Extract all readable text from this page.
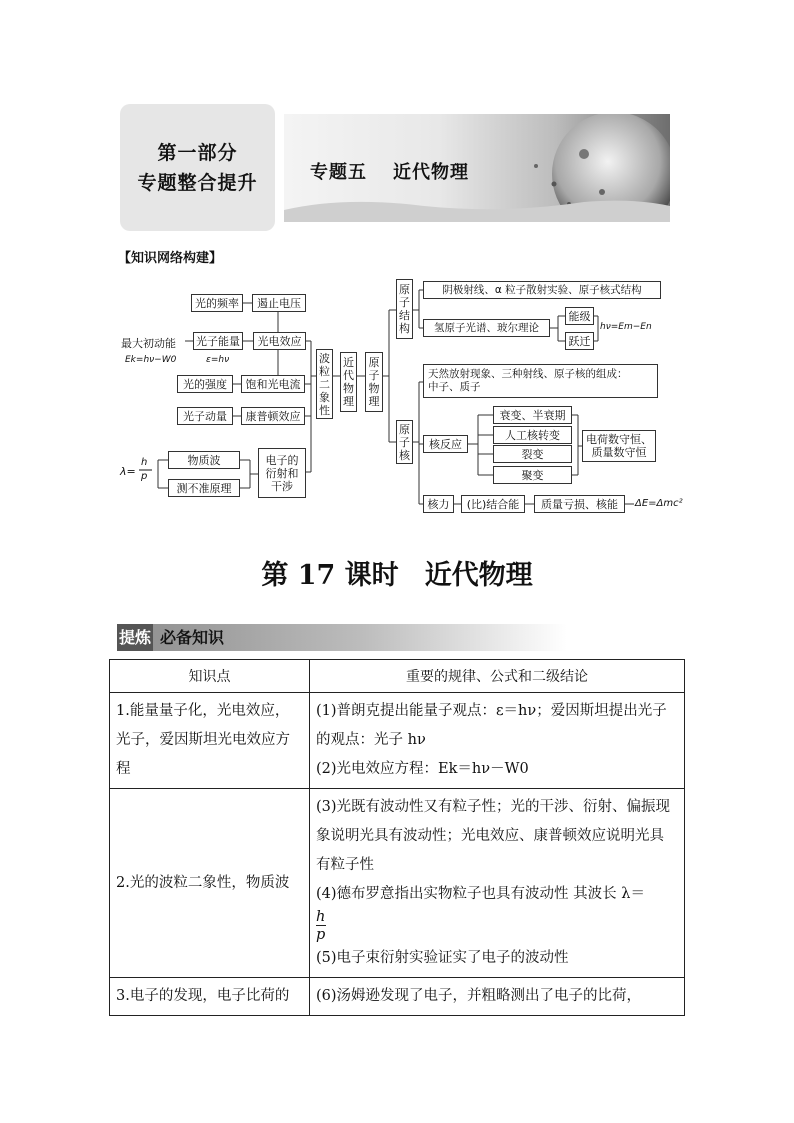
第一部分
专题整合提升	专题五 近代物理
【知识网络构建】
光的频率	遏止电压
最大初动能
Ek=hν−W0
光子能量
ε=hν
光电效应
光的强度	饱和光电流
光子动量	康普顿效应
λ=
h
p
物质波
测不准原理
电子的
衍射和
干涉
波
粒
二
象
性
近
代
物
理
原
子
物
理
原
子
结
构
阴极射线、α 粒子散射实验、原子核式结构
氢原子光谱、玻尔理论
能级
跃迁
hν=Em−En
原
子
核
天然放射现象、三种射线、原子核的组成：
中子、质子
核反应
衰变、半衰期
人工核转变
裂变
聚变
电荷数守恒、
质量数守恒
核力	(比)结合能	质量亏损、核能	ΔE=Δmc²
第 17 课时 近代物理
提炼 必备知识
知识点	重要的规律、公式和二级结论
1.能量量子化，光电效应，光子，爱因斯坦光电效应方程	(1)普朗克提出能量子观点：ε＝hν；爱因斯坦提出光子的观点：光子 hν
(2)光电效应方程：Ek＝hν－W0

2.光的波粒二象性，物质波	(3)光既有波动性又有粒子性；光的干涉、衍射、偏振现象说明光具有波动性；光电效应、康普顿效应说明光具有粒子性
(4)德布罗意指出实物粒子也具有波动性 其波长 λ＝
h
p
(5)电子束衍射实验证实了电子的波动性

3.电子的发现，电子比荷的	(6)汤姆逊发现了电子，并粗略测出了电子的比荷，
